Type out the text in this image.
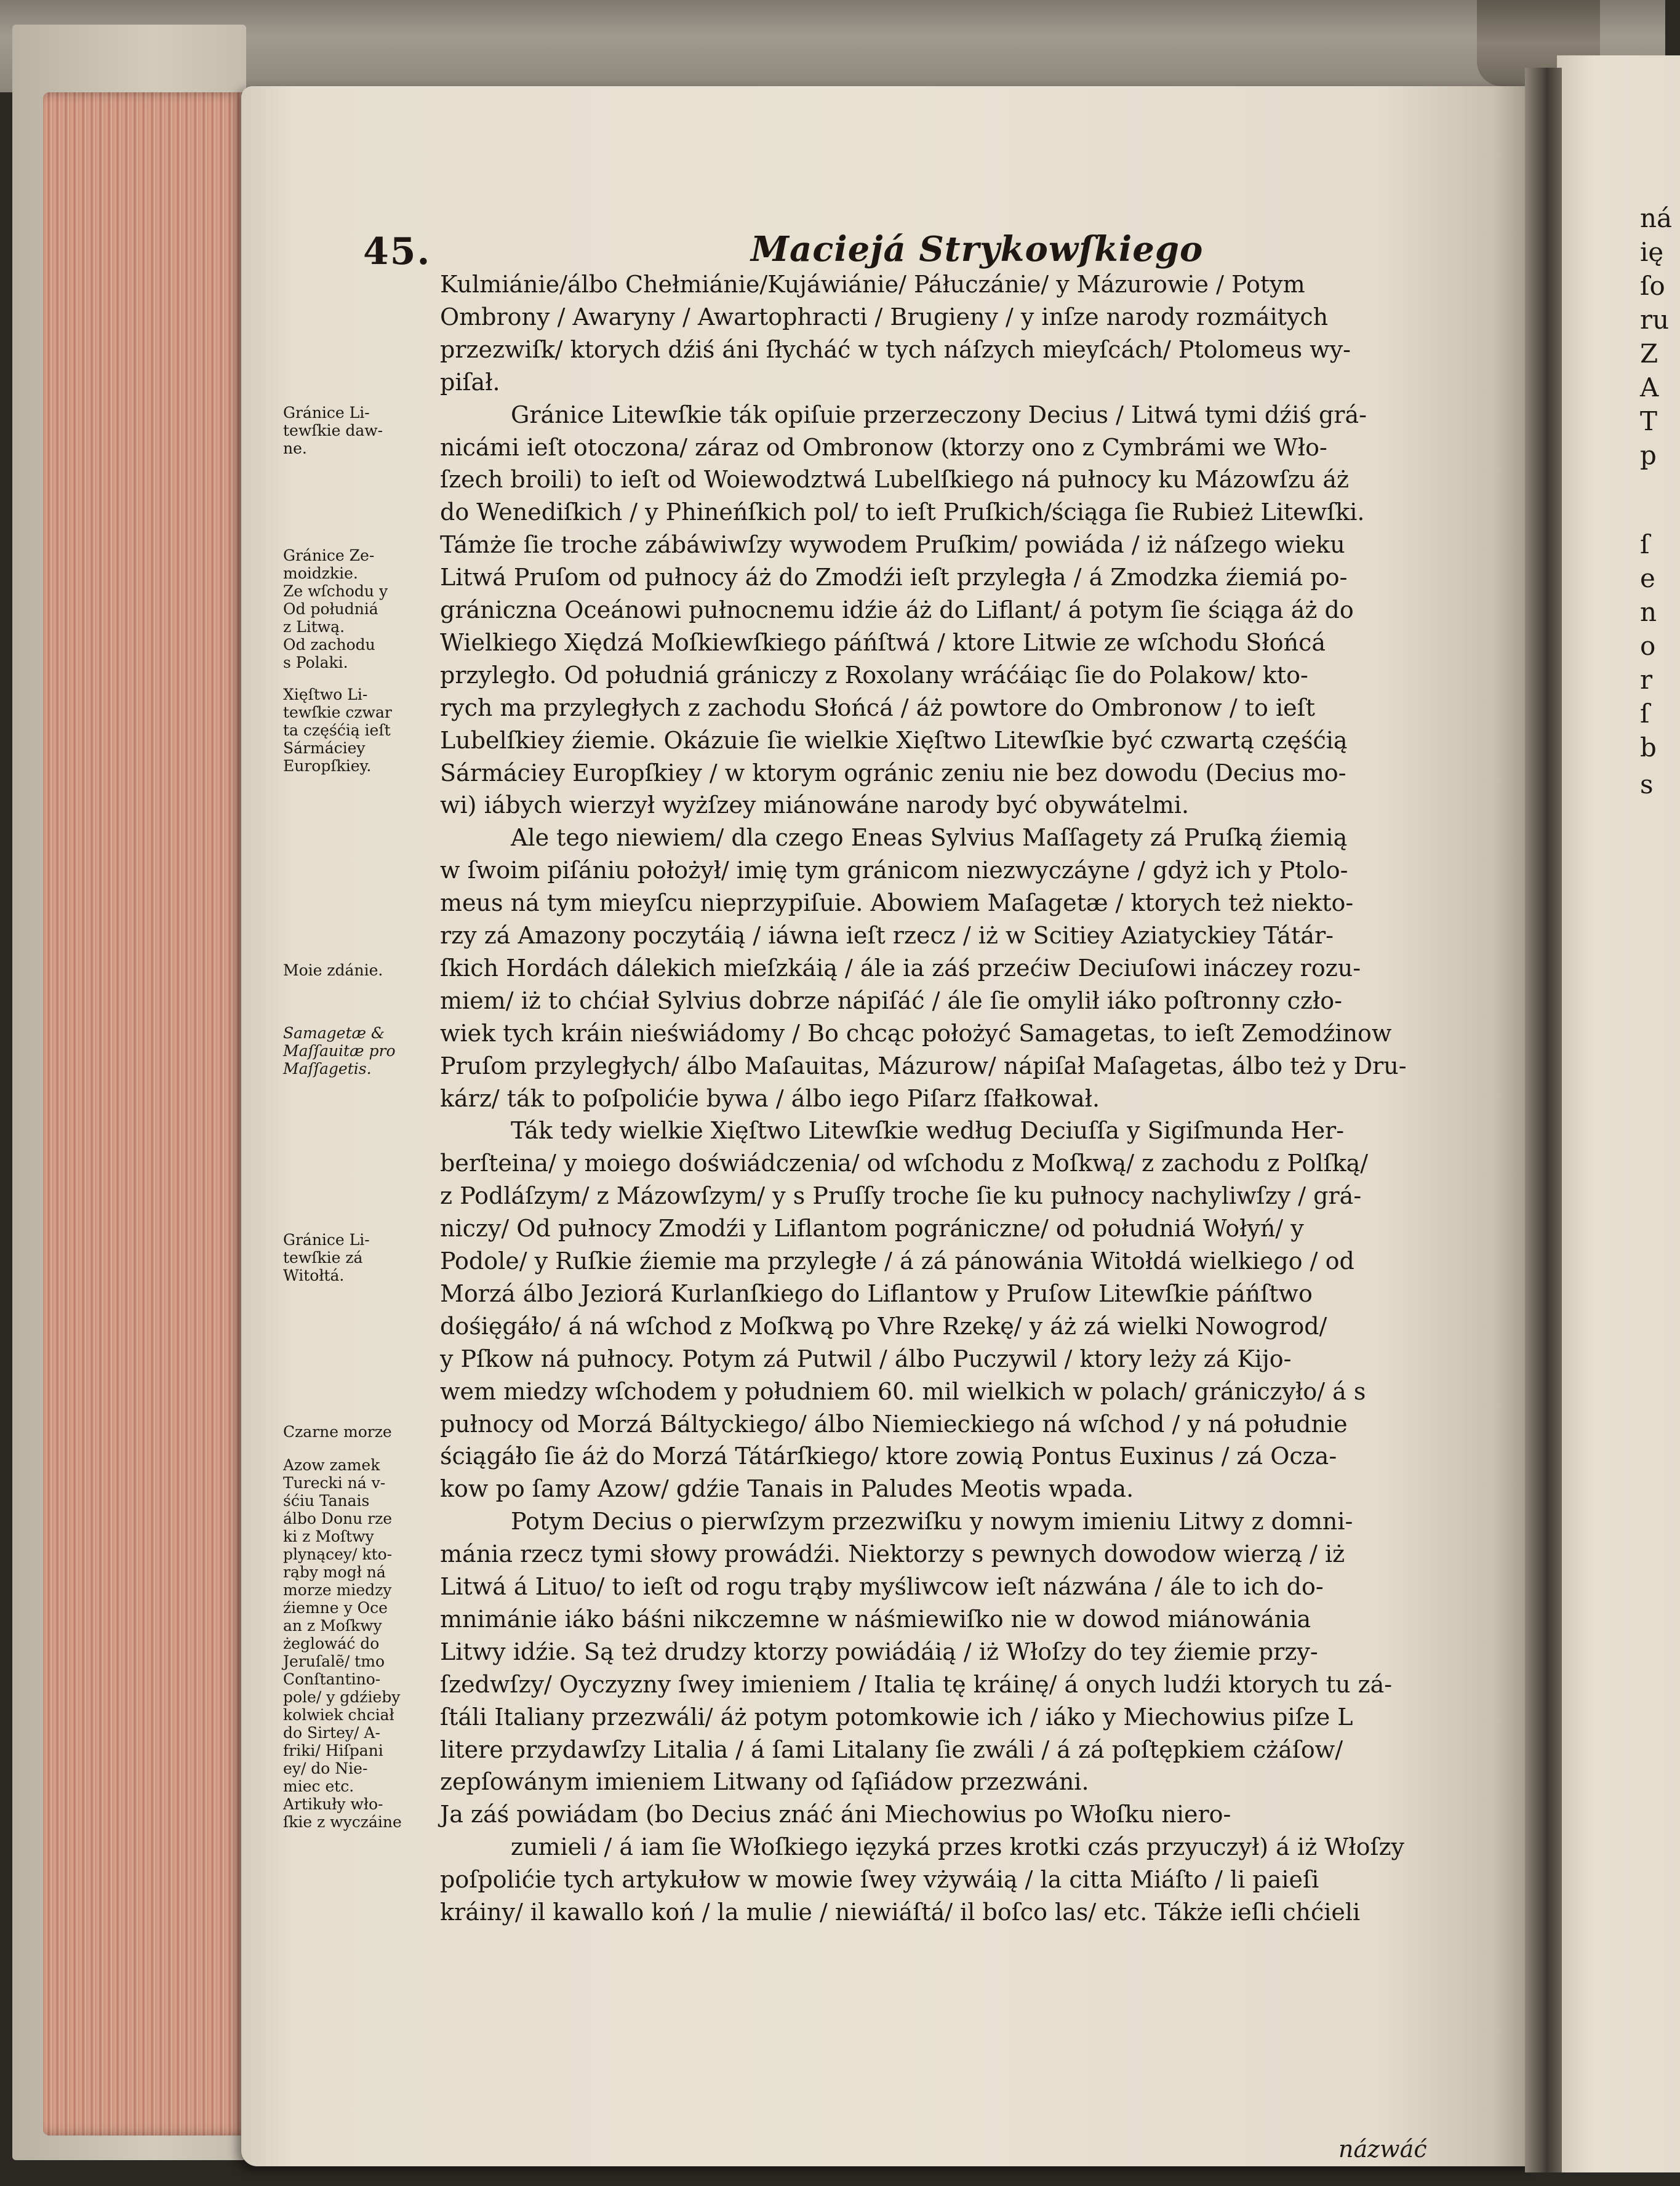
45.	Maciejá Strykowſkiego
Kulmiánie/álbo Chełmiánie/Kujáwiánie/ Páłuczánie/ y Mázurowie / Potym
Ombrony / Awaryny / Awartophracti / Brugieny / y inſze narody rozmáitych
przezwiſk/ ktorych dźiś áni ſłycháć w tych náſzych mieyſcách/ Ptolomeus wy-
piſał.
Gránice Litewſkie ták opiſuie przerzeczony Decius / Litwá tymi dźiś grá-
nicámi ieſt otoczona/ záraz od Ombronow (ktorzy ono z Cymbrámi we Wło-
ſzech broili) to ieſt od Woiewodztwá Lubelſkiego ná pułnocy ku Mázowſzu áż
do Wenediſkich / y Phineńſkich pol/ to ieſt Pruſkich/ściąga ſie Rubież Litewſki.
Támże ſie troche zábáwiwſzy wywodem Pruſkim/ powiáda / iż náſzego wieku
Litwá Pruſom od pułnocy áż do Zmodźi ieſt przyległa / á Zmodzka źiemiá po-
grániczna Oceánowi pułnocnemu idźie áż do Liflant/ á potym ſie ściąga áż do
Wielkiego Xiędzá Moſkiewſkiego páńſtwá / ktore Litwie ze wſchodu Słońcá
przyległo. Od południá grániczy z Roxolany wráćáiąc ſie do Polakow/ kto-
rych ma przyległych z zachodu Słońcá / áż powtore do Ombronow / to ieſt
Lubelſkiey źiemie. Okázuie ſie wielkie Xięſtwo Litewſkie być czwartą częśćią
Sármáciey Europſkiey / w ktorym ogránic zeniu nie bez dowodu (Decius mo-
wi) iábych wierzył wyżſzey miánowáne narody być obywátelmi.
Ale tego niewiem/ dla czego Eneas Sylvius Maſſagety zá Pruſką źiemią
w ſwoim piſániu położył/ imię tym gránicom niezwyczáyne / gdyż ich y Ptolo-
meus ná tym mieyſcu nieprzypiſuie. Abowiem Maſagetæ / ktorych też niekto-
rzy zá Amazony poczytáią / iáwna ieſt rzecz / iż w Scitiey Aziatyckiey Tátár-
ſkich Hordách dálekich mieſzkáią / ále ia záś przećiw Deciuſowi ináczey rozu-
miem/ iż to chćiał Sylvius dobrze nápiſáć / ále ſie omylił iáko poſtronny czło-
wiek tych kráin nieświádomy / Bo chcąc położyć Samagetas, to ieſt Zemodźinow
Pruſom przyległych/ álbo Maſauitas, Mázurow/ nápiſał Maſagetas, álbo też y Dru-
kárz/ ták to poſpolićie bywa / álbo iego Piſarz ſfałkował.
Ták tedy wielkie Xięſtwo Litewſkie według Deciuſſa y Sigiſmunda Her-
berſteina/ y moiego doświádczenia/ od wſchodu z Moſkwą/ z zachodu z Polſką/
z Podláſzym/ z Mázowſzym/ y s Pruſſy troche ſie ku pułnocy nachyliwſzy / grá-
niczy/ Od pułnocy Zmodźi y Liflantom pográniczne/ od południá Wołyń/ y
Podole/ y Ruſkie źiemie ma przyległe / á zá pánowánia Witołdá wielkiego / od
Morzá álbo Jeziorá Kurlanſkiego do Liflantow y Pruſow Litewſkie páńſtwo
dośięgáło/ á ná wſchod z Moſkwą po Vhre Rzekę/ y áż zá wielki Nowogrod/
y Pſkow ná pułnocy. Potym zá Putwil / álbo Puczywil / ktory leży zá Kijo-
wem miedzy wſchodem y południem 60. mil wielkich w polach/ grániczyło/ á s
pułnocy od Morzá Báltyckiego/ álbo Niemieckiego ná wſchod / y ná południe
ściągáło ſie áż do Morzá Tátárſkiego/ ktore zowią Pontus Euxinus / zá Ocza-
kow po ſamy Azow/ gdźie Tanais in Paludes Meotis wpada.
Potym Decius o pierwſzym przezwiſku y nowym imieniu Litwy z domni-
mánia rzecz tymi słowy prowádźi. Niektorzy s pewnych dowodow wierzą / iż
Litwá á Lituo/ to ieſt od rogu trąby myśliwcow ieſt názwána / ále to ich do-
mnimánie iáko báśni nikczemne w náśmiewiſko nie w dowod miánowánia
Litwy idźie. Są też drudzy ktorzy powiádáią / iż Włoſzy do tey źiemie przy-
ſzedwſzy/ Oyczyzny ſwey imieniem / Italia tę kráinę/ á onych ludźi ktorych tu zá-
ſtáli Italiany przezwáli/ áż potym potomkowie ich / iáko y Miechowius piſze L
litere przydawſzy Litalia / á ſami Litalany ſie zwáli / á zá poſtępkiem cżáſow/
zepſowánym imieniem Litwany od ſąſiádow przezwáni.
Ja záś powiádam (bo Decius znáć áni Miechowius po Włoſku niero-
zumieli / á iam ſie Włoſkiego ięzyká przes krotki czás przyuczył) á iż Włoſzy
poſpolićie tych artykułow w mowie ſwey vżywáią / la citta Miáſto / li paieſi
kráiny/ il kawallo koń / la mulie / niewiáſtá/ il boſco las/ etc. Tákże ieſli chćieli
Gránice Li-
tewſkie daw-
ne.
Gránice Ze-
moidzkie.
Ze wſchodu y
Od południá
z Litwą.
Od zachodu
s Polaki.
Xięſtwo Li-
tewſkie czwar
ta częśćią ieſt
Sármáciey
Europſkiey.
Moie zdánie.
Samagetæ &
Maſſauitæ pro
Maſſagetis.
Gránice Li-
tewſkie zá
Witołtá.
Czarne morze
Azow zamek
Turecki ná v-
śćiu Tanais
álbo Donu rze
ki z Moſtwy
plynącey/ kto-
rąby mogł ná
morze miedzy
źiemne y Oce
an z Moſkwy
żeglowáć do
Jeruſalẽ/ tmo
Conſtantino-
pole/ y gdźieby
kolwiek chciał
do Sirtey/ A-
friki/ Hiſpani
ey/ do Nie-
miec etc.
Artikuły wło-
ſkie z wyczáine
názwáć
ná
ię
ſo
ru
Z
A
T
p
ſ
e
n
o
r
ſ
b
s
